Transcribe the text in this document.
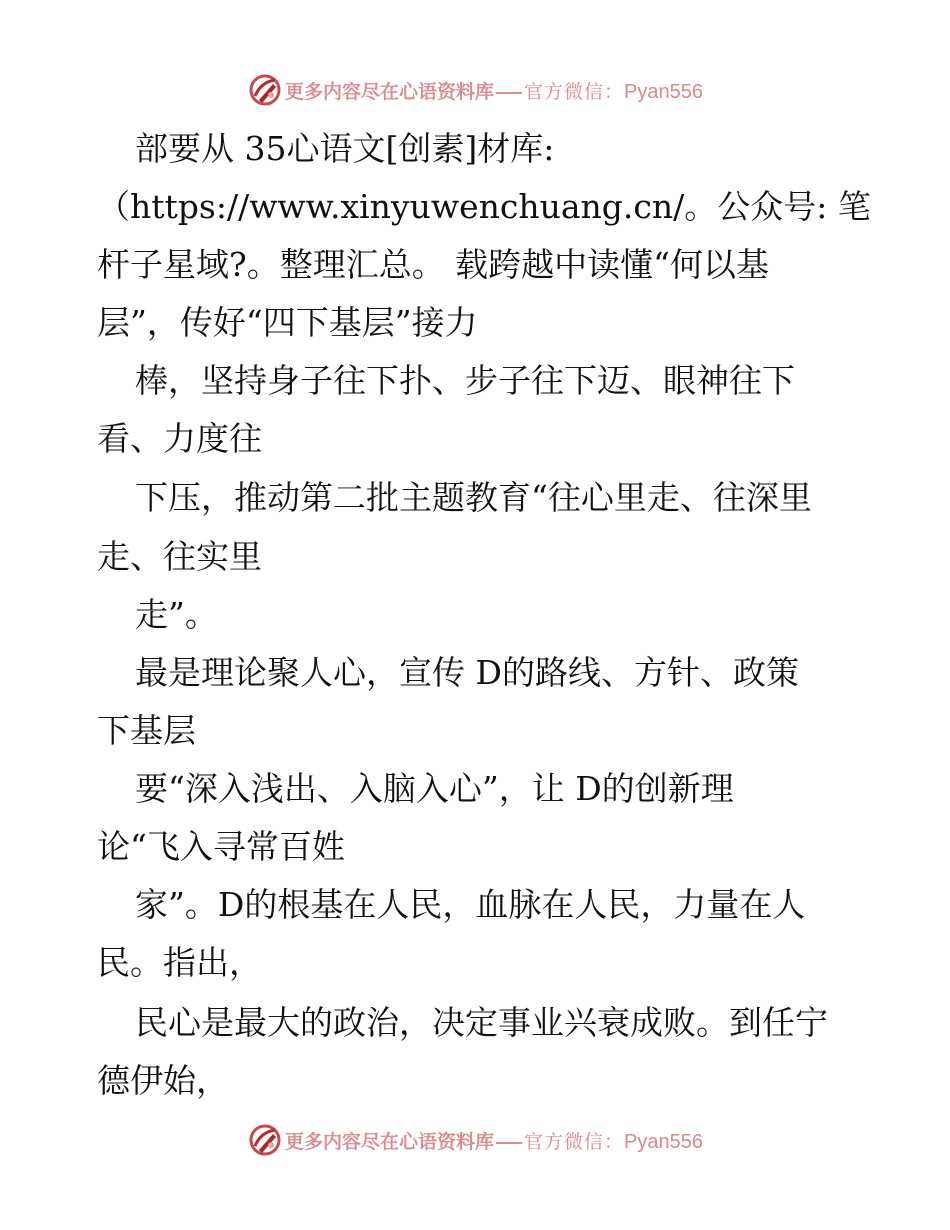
更多内容尽在心语资料库 官方微信：Pyan556
部要从 35心语文[创素]材库:
（https://www.xinyuwenchuang.cn/。公众号: 笔
杆子星域?。整理汇总。 载跨越中读懂“何以基
层”，传好“四下基层”接力
棒，坚持身子往下扑、步子往下迈、眼神往下
看、力度往
下压，推动第二批主题教育“往心里走、往深里
走、往实里
走”。
最是理论聚人心，宣传 D的路线、方针、政策
下基层
要“深入浅出、入脑入心”，让 D的创新理
论“飞入寻常百姓
家”。D的根基在人民，血脉在人民，力量在人
民。指出，
民心是最大的政治，决定事业兴衰成败。到任宁
德伊始，
更多内容尽在心语资料库 官方微信：Pyan556
